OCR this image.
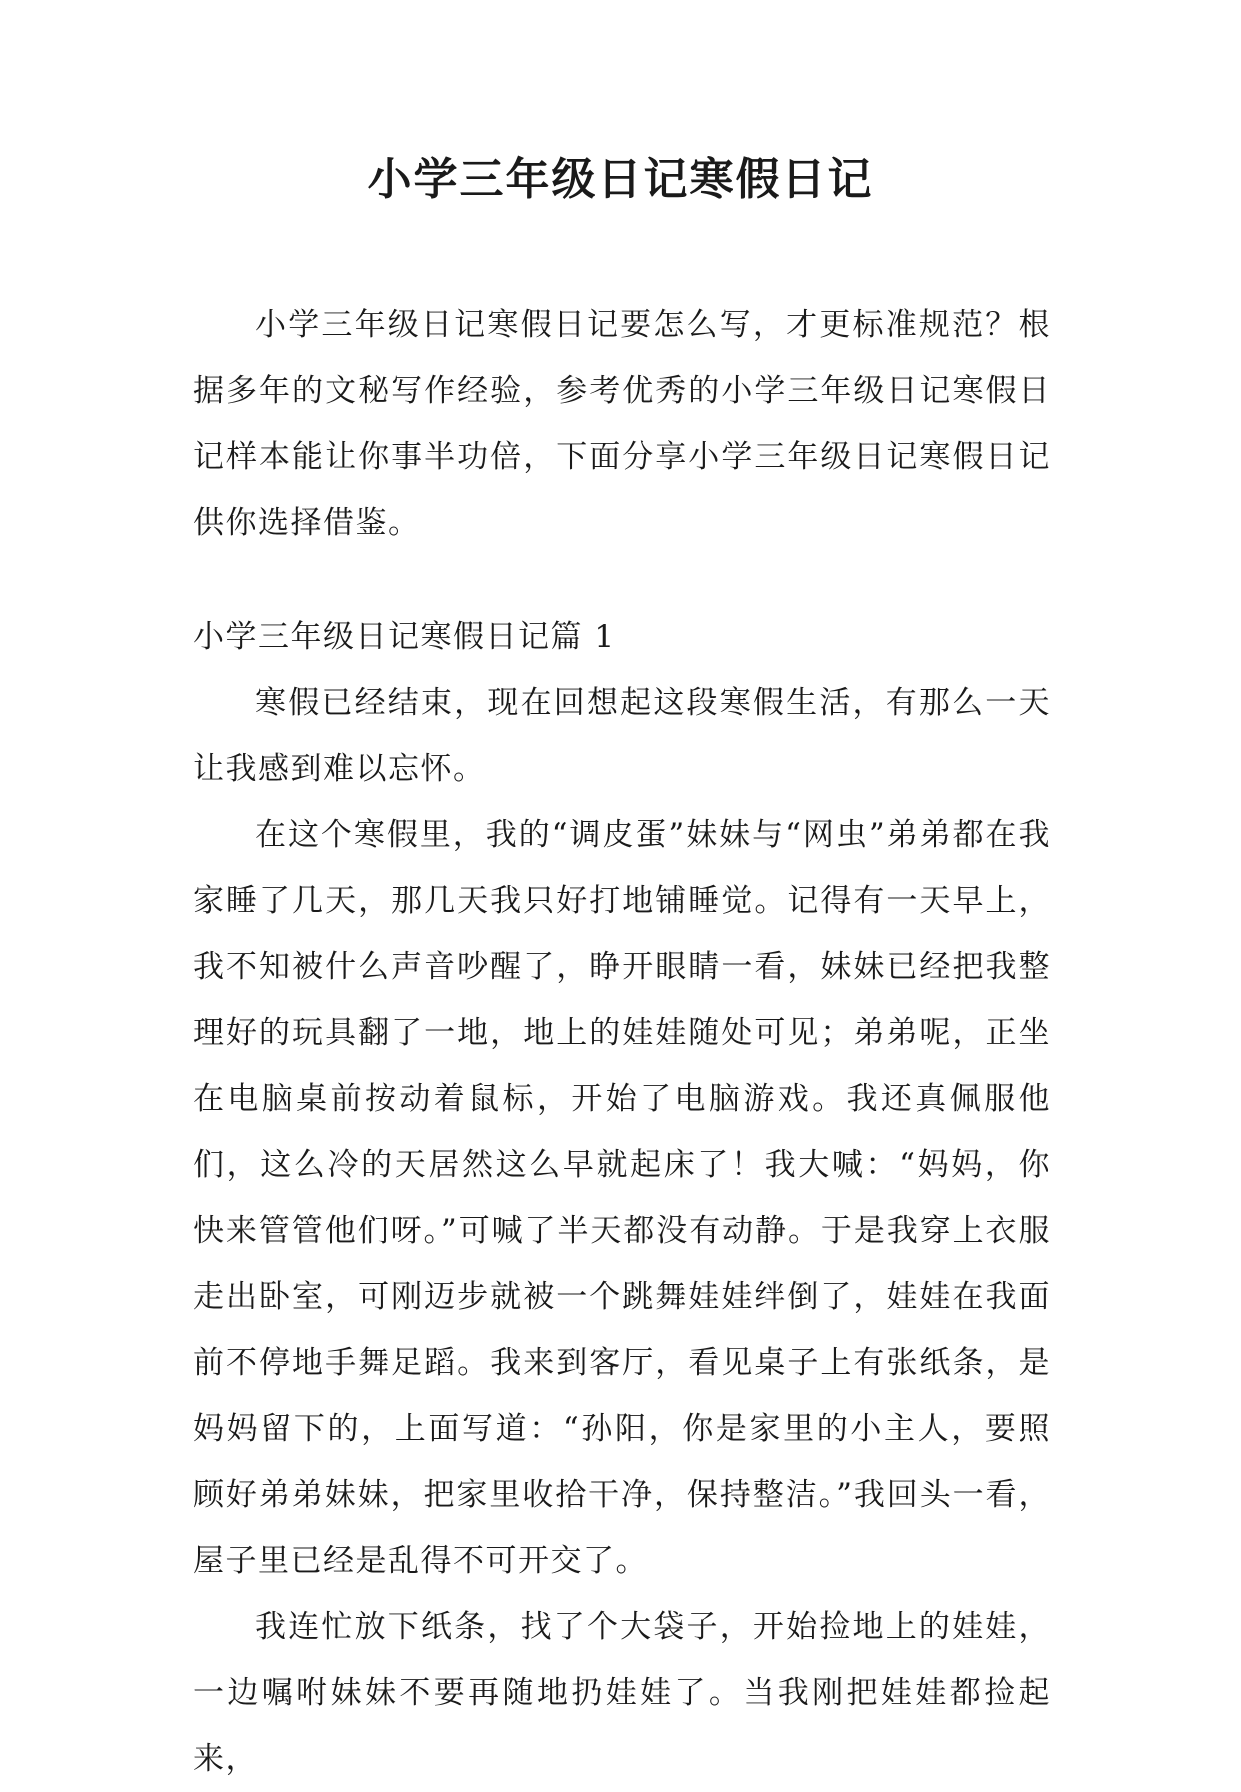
小学三年级日记寒假日记

小学三年级日记寒假日记要怎么写，才更标准规范？根据多年的文秘写作经验，参考优秀的小学三年级日记寒假日记样本能让你事半功倍，下面分享小学三年级日记寒假日记供你选择借鉴。

小学三年级日记寒假日记篇 1

寒假已经结束，现在回想起这段寒假生活，有那么一天让我感到难以忘怀。

在这个寒假里，我的“调皮蛋”妹妹与“网虫”弟弟都在我家睡了几天，那几天我只好打地铺睡觉。记得有一天早上，我不知被什么声音吵醒了，睁开眼睛一看，妹妹已经把我整理好的玩具翻了一地，地上的娃娃随处可见；弟弟呢，正坐在电脑桌前按动着鼠标，开始了电脑游戏。我还真佩服他们，这么冷的天居然这么早就起床了！我大喊：“妈妈，你快来管管他们呀。”可喊了半天都没有动静。于是我穿上衣服走出卧室，可刚迈步就被一个跳舞娃娃绊倒了，娃娃在我面前不停地手舞足蹈。我来到客厅，看见桌子上有张纸条，是妈妈留下的，上面写道：“孙阳，你是家里的小主人，要照顾好弟弟妹妹，把家里收拾干净，保持整洁。”我回头一看，屋子里已经是乱得不可开交了。

我连忙放下纸条，找了个大袋子，开始捡地上的娃娃，一边嘱咐妹妹不要再随地扔娃娃了。当我刚把娃娃都捡起来，
